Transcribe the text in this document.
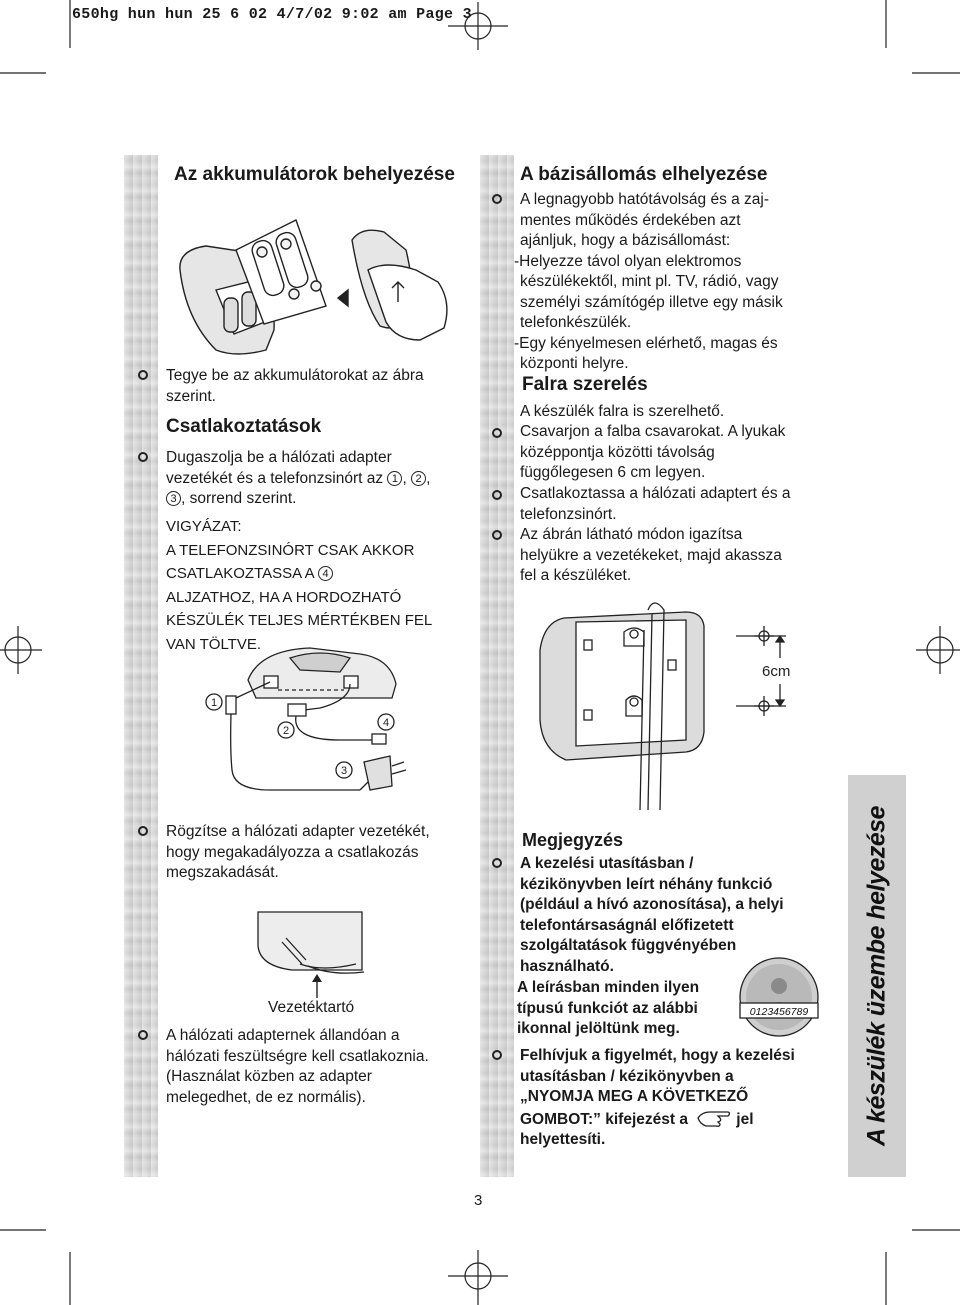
650hg hun hun 25 6 02 4/7/02 9:02 am Page 3
Az akkumulátorok behelyezése

Tegye be az akkumulátorokat az ábra
szerint.

Csatlakoztatások

Dugaszolja be a hálózati adapter
vezetékét és a telefonzsinórt az 1 , 2 ,
3 , sorrend szerint.

VIGYÁZAT:
A TELEFONZSINÓRT CSAK AKKOR
CSATLAKOZTASSA A 4
ALJZATHOZ, HA A HORDOZHATÓ
KÉSZÜLÉK TELJES MÉRTÉKBEN FEL
VAN TÖLTVE.

1
2
4
3

Rögzítse a hálózati adapter vezetékét,
hogy megakadályozza a csatlakozás
megszakadását.

Vezetéktartó

A hálózati adapternek állandóan a
hálózati feszültségre kell csatlakoznia.
(Használat közben az adapter
melegedhet, de ez normális).

A bázisállomás elhelyezése

A legnagyobb hatótávolság és a zaj-
mentes működés érdekében azt
ajánljuk, hogy a bázisállomást:
-Helyezze távol olyan elektromos
készülékektől, mint pl. TV, rádió, vagy
személyi számítógép illetve egy másik
telefonkészülék.
-Egy kényelmesen elérhető, magas és
központi helyre.

Falra szerelés

A készülék falra is szerelhető.

Csavarjon a falba csavarokat. A lyukak
középpontja közötti távolság
függőlegesen 6 cm legyen.

Csatlakoztassa a hálózati adaptert és a
telefonzsinórt.

Az ábrán látható módon igazítsa
helyükre a vezetékeket, majd akassza
fel a készüléket.

6cm
Megjegyzés

A kezelési utasításban /
kézikönyvben leírt néhány funkció
(például a hívó azonosítása), a helyi
telefontársaságnál előfizetett
szolgáltatások függvényében
használható.

A leírásban minden ilyen
típusú funkciót az alábbi
ikonnal jelöltünk meg.

0123456789

Felhívjuk a figyelmét, hogy a kezelési
utasításban / kézikönyvben a
„NYOMJA MEG A KÖVETKEZŐ
GOMBOT:” kifejezést a	jel
helyettesíti.	A készülék üzembe helyezése
3
